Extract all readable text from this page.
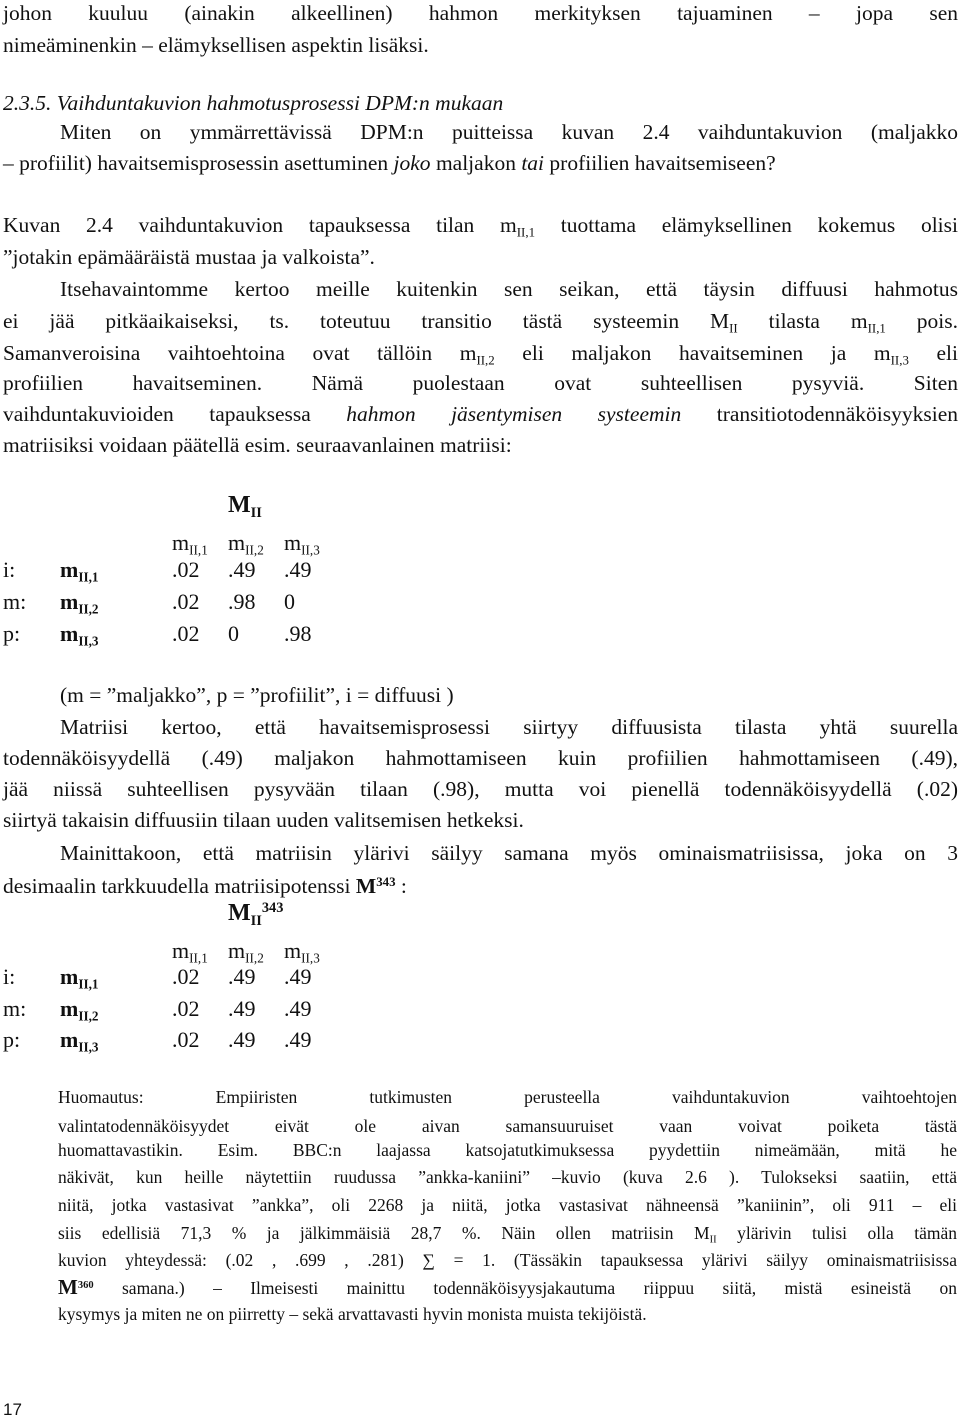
johon kuuluu (ainakin alkeellinen) hahmon merkityksen tajuaminen – jopa sen
nimeäminenkin – elämyksellisen aspektin lisäksi.
2.3.5. Vaihduntakuvion hahmotusprosessi DPM:n mukaan
Miten on ymmärrettävissä DPM:n puitteissa kuvan 2.4 vaihduntakuvion (maljakko
– profiilit) havaitsemisprosessin asettuminen joko maljakon tai profiilien havaitsemiseen?
Kuvan 2.4 vaihduntakuvion tapauksessa tilan $m_{II,1}$ tuottama elämyksellinen kokemus olisi
”jotakin epämääräistä mustaa ja valkoista”.
Itsehavaintomme kertoo meille kuitenkin sen seikan, että täysin diffuusi hahmotus
ei jää pitkäaikaiseksi, ts. toteutuu transitio tästä systeemin $M_{II}$ tilasta $m_{II,1}$ pois.
Samanveroisina vaihtoehtoina ovat tällöin $m_{II,2}$ eli maljakon havaitseminen ja $m_{II,3}$ eli
profiilien havaitseminen. Nämä puolestaan ovat suhteellisen pysyviä. Siten
vaihduntakuvioiden tapauksessa hahmon jäsentymisen systeemin transitiotodennäköisyyksien
matriisiksi voidaan päätellä esim. seuraavanlainen matriisi:
$M_{II}$
$m_{II,1}$ $m_{II,2}$ $m_{II,3}$
i: $m_{II,1}$	.02 .49 .49
m: $m_{II,2}$	.02 .98 0
p: $m_{II,3}$	.02 0 .98
(m = ”maljakko”, p = ”profiilit”, i = diffuusi )
Matriisi kertoo, että havaitsemisprosessi siirtyy diffuusista tilasta yhtä suurella
todennäköisyydellä (.49) maljakon hahmottamiseen kuin profiilien hahmottamiseen (.49),
jää niissä suhteellisen pysyvään tilaan (.98), mutta voi pienellä todennäköisyydellä (.02)
siirtyä takaisin diffuusiin tilaan uuden valitsemisen hetkeksi.
Mainittakoon, että matriisin ylärivi säilyy samana myös ominaismatriisissa, joka on 3
desimaalin tarkkuudella matriisipotenssi $M^{343}$ :
$M_{II}^{343}$
$m_{II,1}$ $m_{II,2}$ $m_{II,3}$
i: $m_{II,1}$	.02 .49 .49
m: $m_{II,2}$	.02 .49 .49
p: $m_{II,3}$	.02 .49 .49
Huomautus: Empiiristen tutkimusten perusteella vaihduntakuvion vaihtoehtojen
valintatodennäköisyydet eivät ole aivan samansuuruiset vaan voivat poiketa tästä
huomattavastikin. Esim. BBC:n laajassa katsojatutkimuksessa pyydettiin nimeämään, mitä he
näkivät, kun heille näytettiin ruudussa ”ankka-kaniini” –kuvio (kuva 2.6 ). Tulokseksi saatiin, että
niitä, jotka vastasivat ”ankka”, oli 2268 ja niitä, jotka vastasivat nähneensä ”kaniinin”, oli 911 – eli
siis edellisiä 71,3 % ja jälkimmäisiä 28,7 %. Näin ollen matriisin $M_{II}$ ylärivin tulisi olla tämän
kuvion yhteydessä: (.02 , .699 , .281) ∑ = 1. (Tässäkin tapauksessa ylärivi säilyy ominaismatriisissa
$M^{360}$ samana.) – Ilmeisesti mainittu todennäköisyysjakautuma riippuu siitä, mistä esineistä on
kysymys ja miten ne on piirretty – sekä arvattavasti hyvin monista muista tekijöistä.
17
